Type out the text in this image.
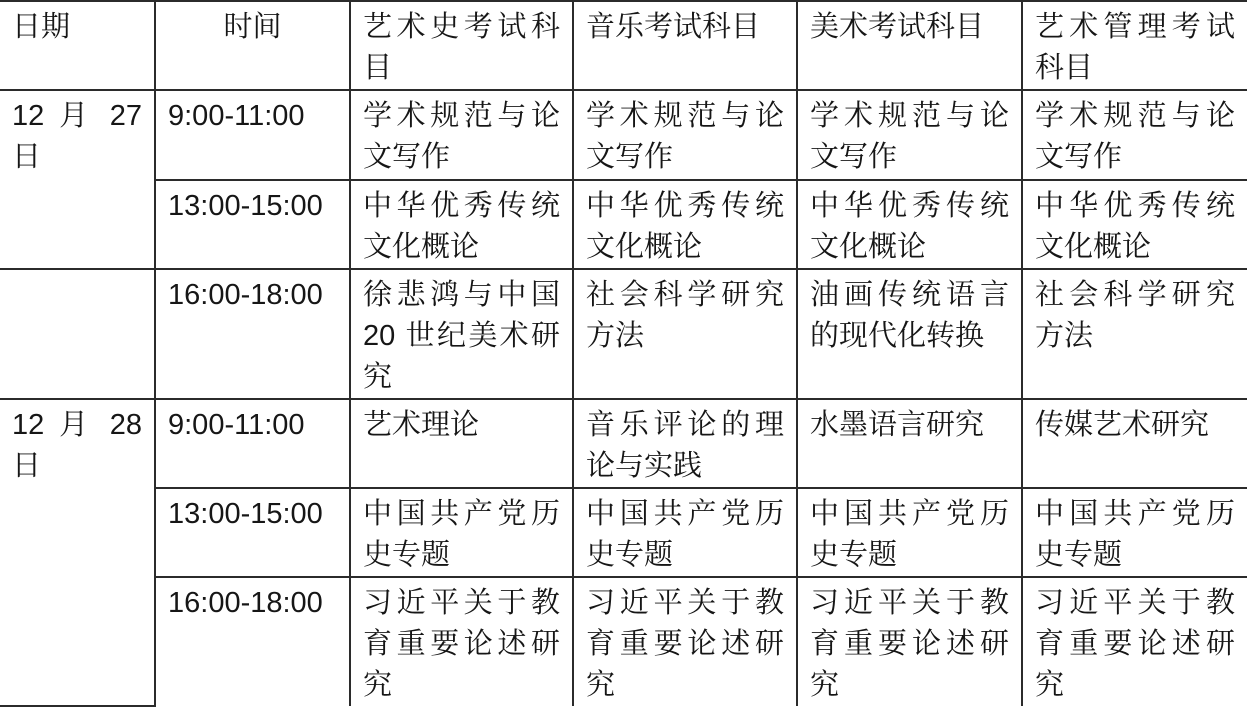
日期	时间	艺术史考试科目	音乐考试科目	美术考试科目	艺术管理考试科目
12 月 27 日	9:00-11:00	学术规范与论文写作	学术规范与论文写作	学术规范与论文写作	学术规范与论文写作
	13:00-15:00	中华优秀传统文化概论	中华优秀传统文化概论	中华优秀传统文化概论	中华优秀传统文化概论
	16:00-18:00	徐悲鸿与中国 20 世纪美术研究	社会科学研究方法	油画传统语言的现代化转换	社会科学研究方法
12 月 28 日	9:00-11:00	艺术理论	音乐评论的理论与实践	水墨语言研究	传媒艺术研究
	13:00-15:00	中国共产党历史专题	中国共产党历史专题	中国共产党历史专题	中国共产党历史专题
	16:00-18:00	习近平关于教育重要论述研究	习近平关于教育重要论述研究	习近平关于教育重要论述研究	习近平关于教育重要论述研究
